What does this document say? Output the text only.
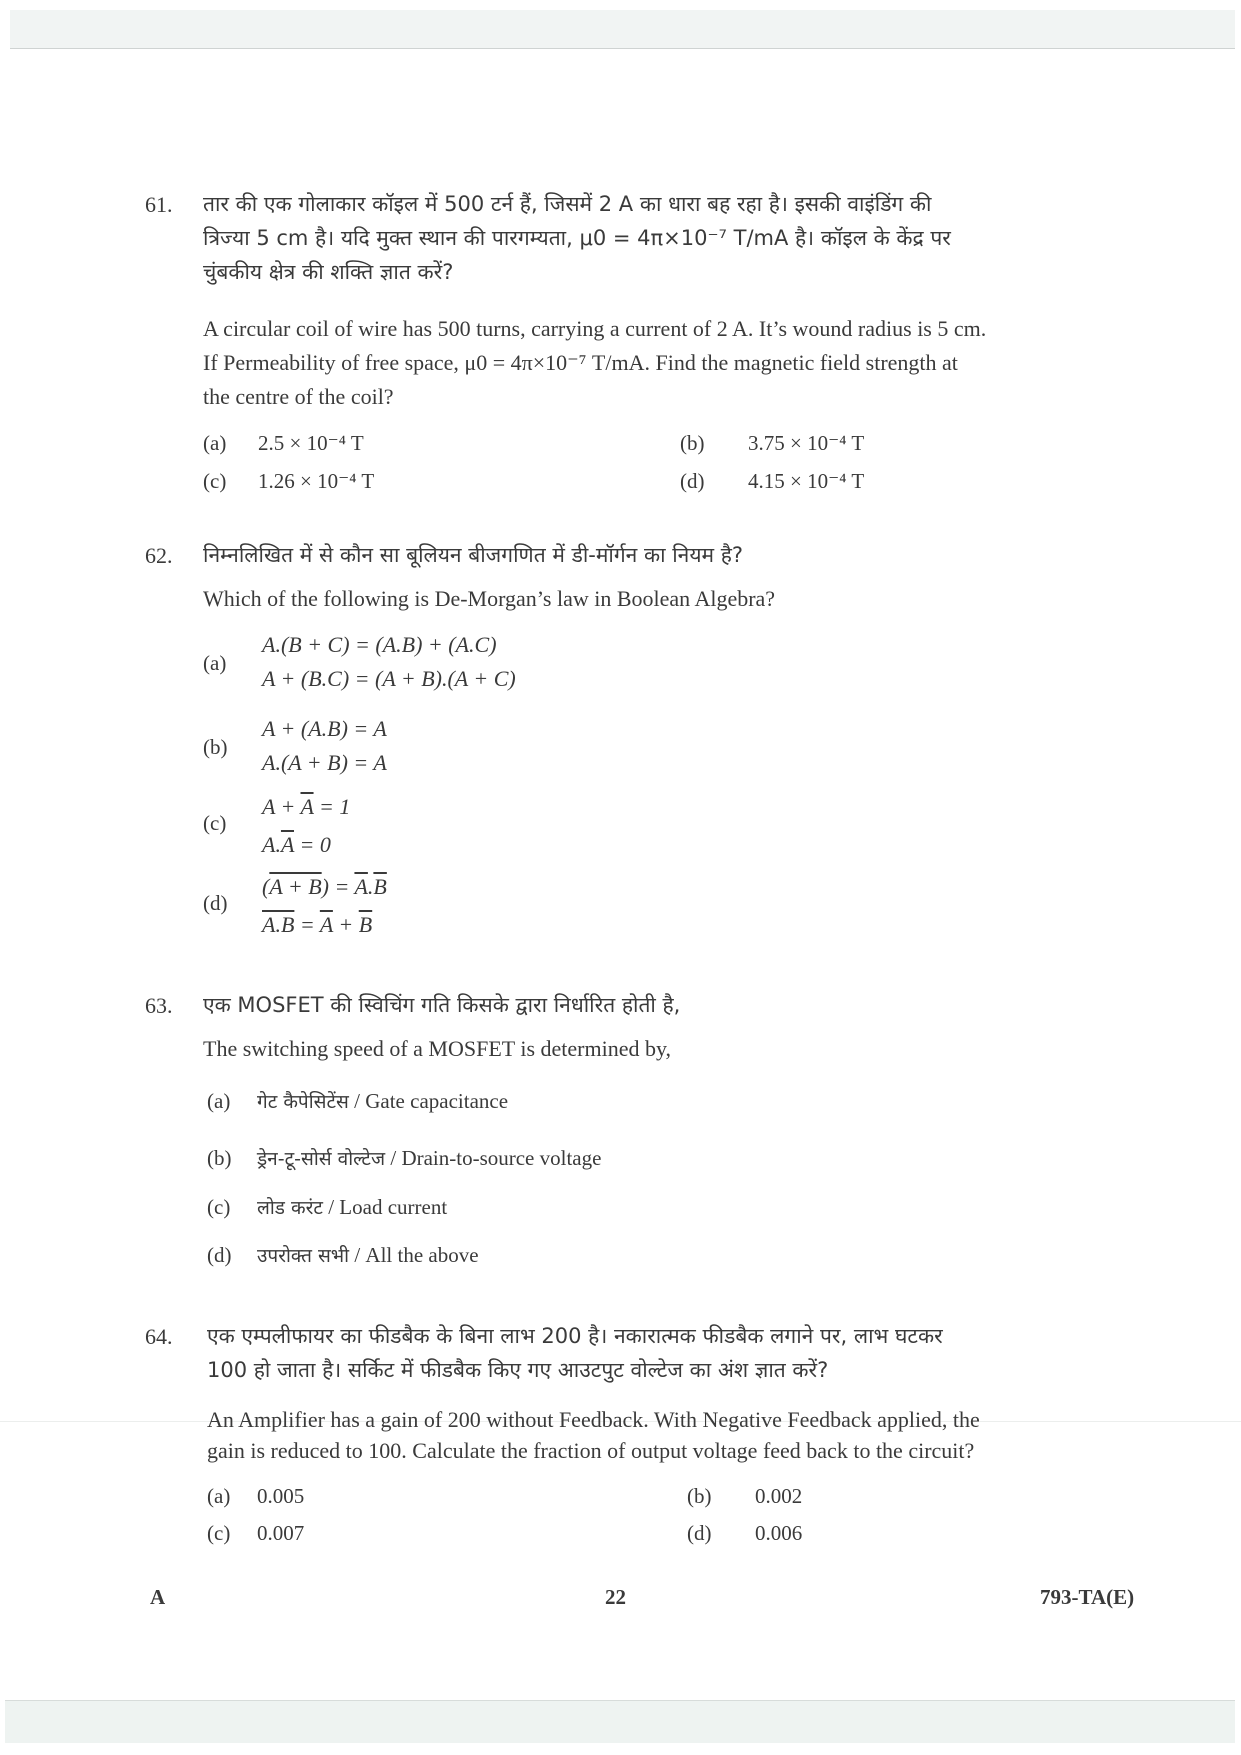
61. तार की एक गोलाकार कॉइल में 500 टर्न हैं, जिसमें 2 A का धारा बह रहा है। इसकी वाइंडिंग की
त्रिज्या 5 cm है। यदि मुक्त स्थान की पारगम्यता, μ0 = 4π×10⁻⁷ T/mA है। कॉइल के केंद्र पर
चुंबकीय क्षेत्र की शक्ति ज्ञात करें?
A circular coil of wire has 500 turns, carrying a current of 2 A. It’s wound radius is 5 cm.
If Permeability of free space, μ0 = 4π×10⁻⁷ T/mA. Find the magnetic field strength at
the centre of the coil?
(a) 2.5 × 10⁻⁴ T	(b) 3.75 × 10⁻⁴ T
(c) 1.26 × 10⁻⁴ T	(d) 4.15 × 10⁻⁴ T
62. निम्नलिखित में से कौन सा बूलियन बीजगणित में डी-मॉर्गन का नियम है?
Which of the following is De-Morgan’s law in Boolean Algebra?
(a)
A.(B + C) = (A.B) + (A.C)
A + (B.C) = (A + B).(A + C)
(b)
A + (A.B) = A
A.(A + B) = A
(c)
$A + \overline{A} = 1$
$A.\overline{A} = 0$
(d)
$(A + B) = \overline{A}.\overline{B}$
$A.B = \overline{A} + \overline{B}$
63. एक MOSFET की स्विचिंग गति किसके द्वारा निर्धारित होती है,
The switching speed of a MOSFET is determined by,
(a) गेट कैपेसिटेंस / Gate capacitance
(b) ड्रेन-टू-सोर्स वोल्टेज / Drain-to-source voltage
(c) लोड करंट / Load current
(d) उपरोक्त सभी / All the above
64. एक एम्पलीफायर का फीडबैक के बिना लाभ 200 है। नकारात्मक फीडबैक लगाने पर, लाभ घटकर
100 हो जाता है। सर्किट में फीडबैक किए गए आउटपुट वोल्टेज का अंश ज्ञात करें?
An Amplifier has a gain of 200 without Feedback. With Negative Feedback applied, the
gain is reduced to 100. Calculate the fraction of output voltage feed back to the circuit?
(a) 0.005	(b) 0.002
(c) 0.007	(d) 0.006
A	22	793-TA(E)
